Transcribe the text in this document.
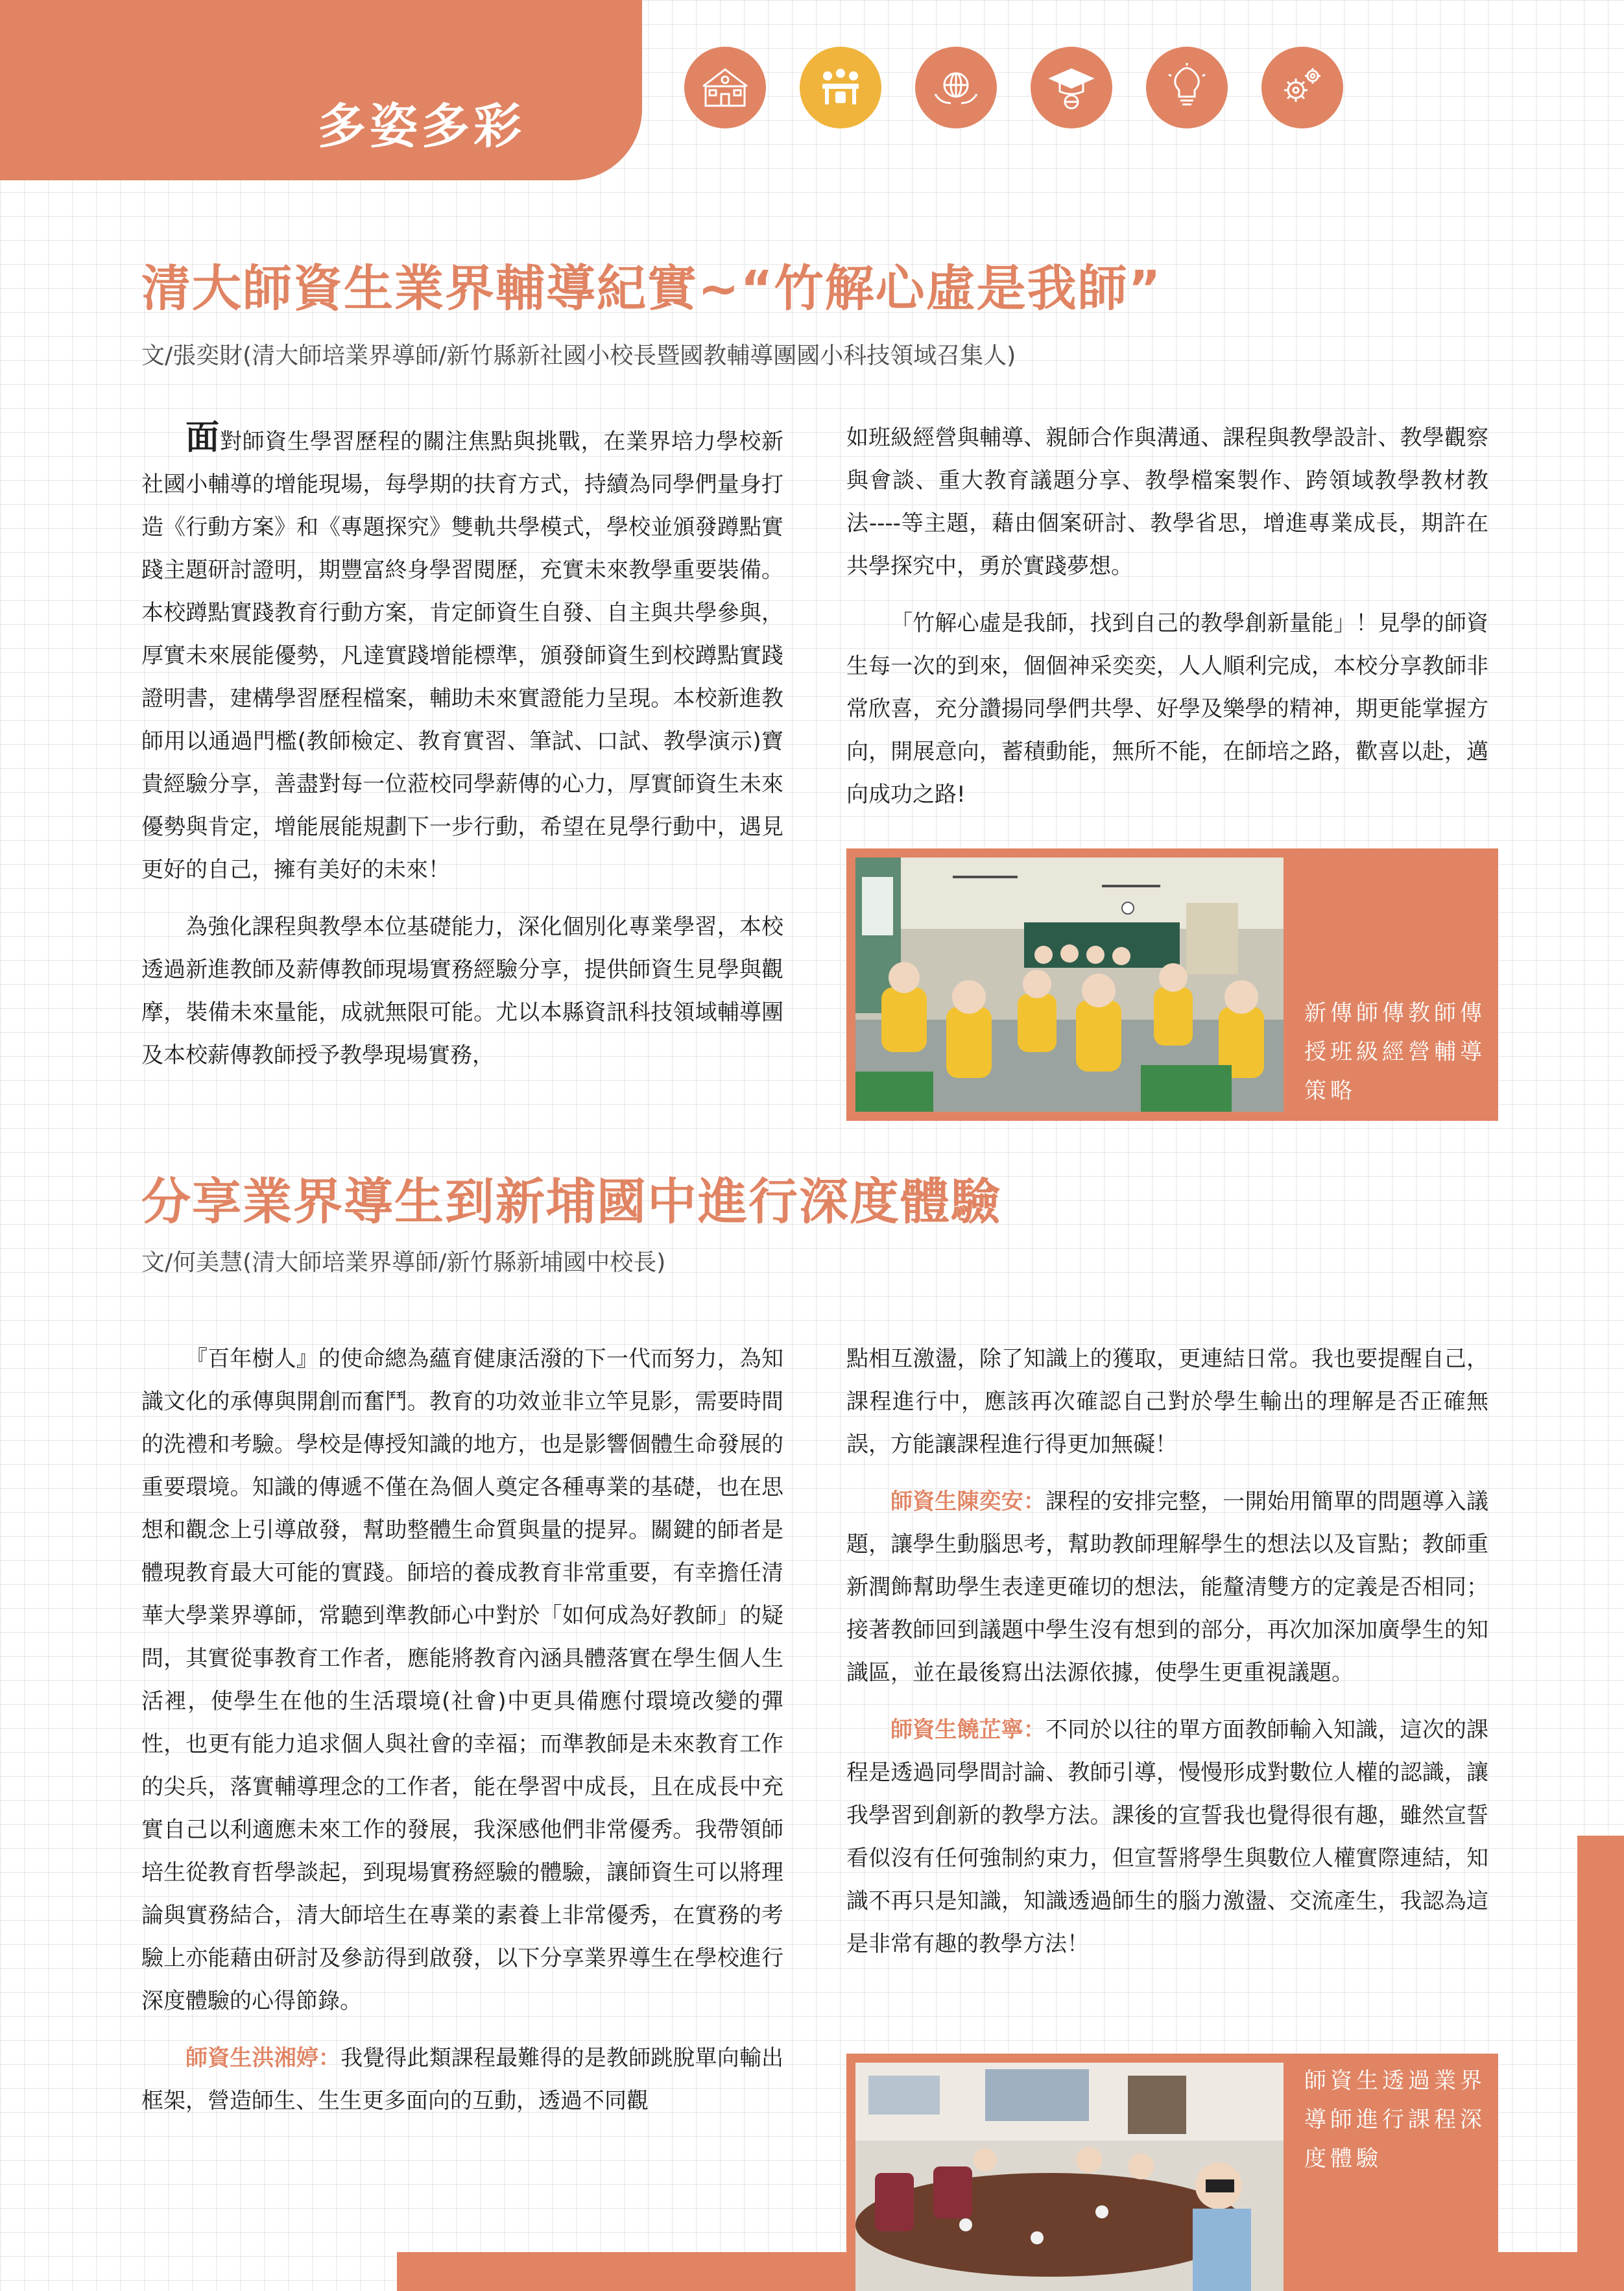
多姿多彩
清大師資生業界輔導紀實~“竹解心虛是我師”
文/張奕財(清大師培業界導師/新竹縣新社國小校長暨國教輔導團國小科技領域召集人)

面對師資生學習歷程的關注焦點與挑戰，在業界培力學校新社國小輔導的增能現場，每學期的扶育方式，持續為同學們量身打造《行動方案》和《專題探究》雙軌共學模式，學校並頒發蹲點實踐主題研討證明，期豐富終身學習閱歷，充實未來教學重要裝備。本校蹲點實踐教育行動方案，肯定師資生自發、自主與共學參與，厚實未來展能優勢，凡達實踐增能標準，頒發師資生到校蹲點實踐證明書，建構學習歷程檔案，輔助未來實證能力呈現。本校新進教師用以通過門檻(教師檢定、教育實習、筆試、口試、教學演示)寶貴經驗分享，善盡對每一位蒞校同學薪傳的心力，厚實師資生未來優勢與肯定，增能展能規劃下一步行動，希望在見學行動中，遇見更好的自己，擁有美好的未來！

為強化課程與教學本位基礎能力，深化個別化專業學習，本校透過新進教師及薪傳教師現場實務經驗分享，提供師資生見學與觀摩，裝備未來量能，成就無限可能。尤以本縣資訊科技領域輔導團及本校薪傳教師授予教學現場實務，

如班級經營與輔導、親師合作與溝通、課程與教學設計、教學觀察與會談、重大教育議題分享、教學檔案製作、跨領域教學教材教法----等主題，藉由個案研討、教學省思，增進專業成長，期許在共學探究中，勇於實踐夢想。

「竹解心虛是我師，找到自己的教學創新量能」！見學的師資生每一次的到來，個個神采奕奕，人人順利完成，本校分享教師非常欣喜，充分讚揚同學們共學、好學及樂學的精神，期更能掌握方向，開展意向，蓄積動能，無所不能，在師培之路，歡喜以赴，邁向成功之路!

新傳師傳教師傳授班級經營輔導策略
分享業界導生到新埔國中進行深度體驗
文/何美慧(清大師培業界導師/新竹縣新埔國中校長)

『百年樹人』的使命總為蘊育健康活潑的下一代而努力，為知識文化的承傳與開創而奮鬥。教育的功效並非立竿見影，需要時間的洗禮和考驗。學校是傳授知識的地方，也是影響個體生命發展的重要環境。知識的傳遞不僅在為個人奠定各種專業的基礎，也在思想和觀念上引導啟發，幫助整體生命質與量的提昇。關鍵的師者是體現教育最大可能的實踐。師培的養成教育非常重要，有幸擔任清華大學業界導師，常聽到準教師心中對於「如何成為好教師」的疑問，其實從事教育工作者，應能將教育內涵具體落實在學生個人生活裡，使學生在他的生活環境(社會)中更具備應付環境改變的彈性，也更有能力追求個人與社會的幸福；而準教師是未來教育工作的尖兵，落實輔導理念的工作者，能在學習中成長，且在成長中充實自己以利適應未來工作的發展，我深感他們非常優秀。我帶領師培生從教育哲學談起，到現場實務經驗的體驗，讓師資生可以將理論與實務結合，清大師培生在專業的素養上非常優秀，在實務的考驗上亦能藉由研討及參訪得到啟發，以下分享業界導生在學校進行深度體驗的心得節錄。

師資生洪湘婷：我覺得此類課程最難得的是教師跳脫單向輸出框架，營造師生、生生更多面向的互動，透過不同觀

點相互激盪，除了知識上的獲取，更連結日常。我也要提醒自己，課程進行中，應該再次確認自己對於學生輸出的理解是否正確無誤，方能讓課程進行得更加無礙！

師資生陳奕安：課程的安排完整，一開始用簡單的問題導入議題，讓學生動腦思考，幫助教師理解學生的想法以及盲點；教師重新潤飾幫助學生表達更確切的想法，能釐清雙方的定義是否相同；接著教師回到議題中學生沒有想到的部分，再次加深加廣學生的知識區，並在最後寫出法源依據，使學生更重視議題。

師資生饒芷寧：不同於以往的單方面教師輸入知識，這次的課程是透過同學間討論、教師引導，慢慢形成對數位人權的認識，讓我學習到創新的教學方法。課後的宣誓我也覺得很有趣，雖然宣誓看似沒有任何強制約束力，但宣誓將學生與數位人權實際連結，知識不再只是知識，知識透過師生的腦力激盪、交流產生，我認為這是非常有趣的教學方法！

師資生透過業界導師進行課程深度體驗
